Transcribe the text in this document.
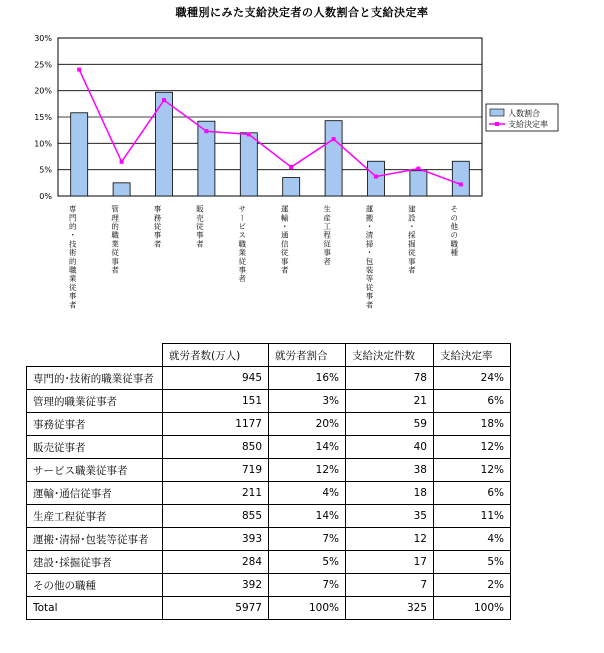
職種別にみた支給決定者の人数割合と支給決定率
0%
5%
10%
15%
20%
25%
30%
専門的・技術的職業従事者	管理的職業従事者	事務従事者	販売従事者	サービス職業従事者	運輸・通信従事者	生産工程従事者	運搬・清掃・包装等従事者	建設・採掘従事者	その他の職種
人数割合
支給決定率
	就労者数(万人)	就労者割合	支給決定件数	支給決定率
専門的･技術的職業従事者	945	16%	78	24%
管理的職業従事者	151	3%	21	6%
事務従事者	1177	20%	59	18%
販売従事者	850	14%	40	12%
サービス職業従事者	719	12%	38	12%
運輸･通信従事者	211	4%	18	6%
生産工程従事者	855	14%	35	11%
運搬･清掃･包装等従事者	393	7%	12	4%
建設･採掘従事者	284	5%	17	5%
その他の職種	392	7%	7	2%
Total	5977	100%	325	100%
